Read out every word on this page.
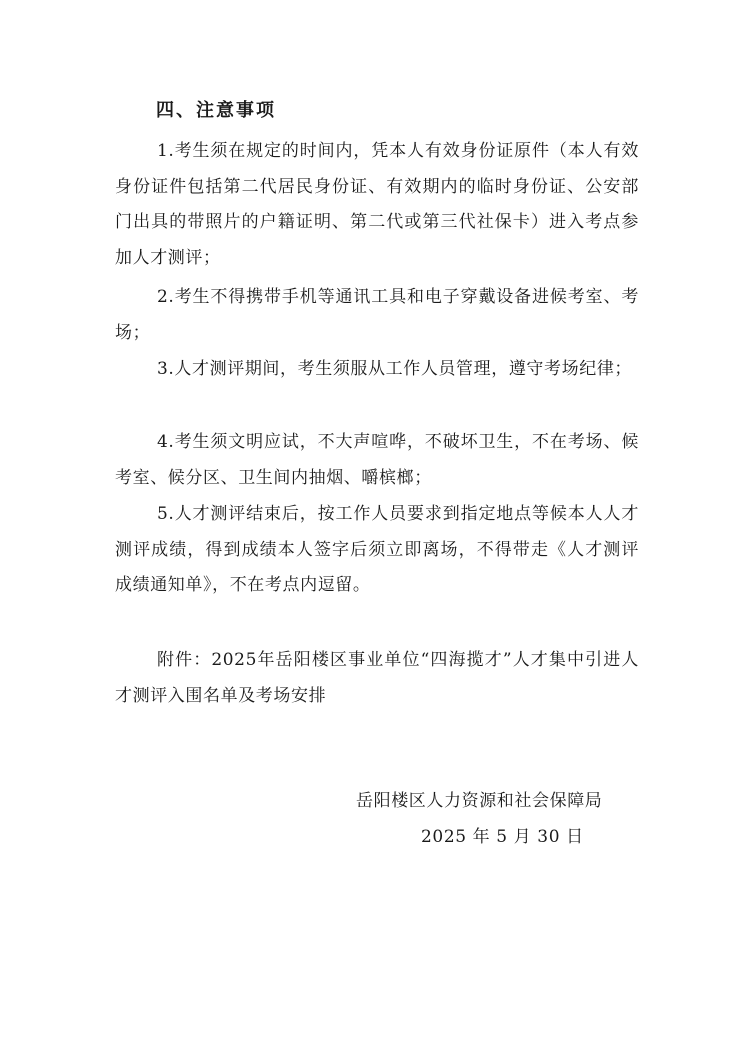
四、注意事项

1.考生须在规定的时间内，凭本人有效身份证原件（本人有效身份证件包括第二代居民身份证、有效期内的临时身份证、公安部门出具的带照片的户籍证明、第二代或第三代社保卡）进入考点参加人才测评；

2.考生不得携带手机等通讯工具和电子穿戴设备进候考室、考场；

3.人才测评期间，考生须服从工作人员管理，遵守考场纪律；

4.考生须文明应试，不大声喧哗，不破坏卫生，不在考场、候考室、候分区、卫生间内抽烟、嚼槟榔；

5.人才测评结束后，按工作人员要求到指定地点等候本人人才测评成绩，得到成绩本人签字后须立即离场，不得带走《人才测评成绩通知单》，不在考点内逗留。

附件：2025年岳阳楼区事业单位“四海揽才”人才集中引进人才测评入围名单及考场安排

岳阳楼区人力资源和社会保障局
2025 年 5 月 30 日
